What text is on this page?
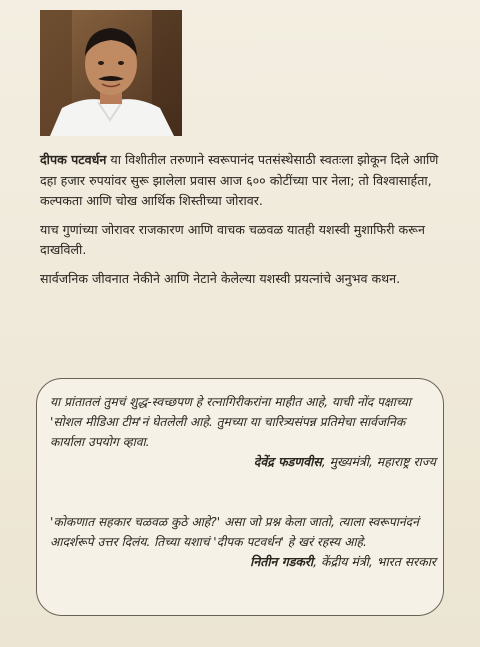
दीपक पटवर्धन या विशीतील तरुणाने स्वरूपानंद पतसंस्थेसाठी स्वतःला झोकून दिले आणि दहा हजार रुपयांवर सुरू झालेला प्रवास आज ६०० कोटींच्या पार नेला; तो विश्वासार्हता, कल्पकता आणि चोख आर्थिक शिस्तीच्या जोरावर.

याच गुणांच्या जोरावर राजकारण आणि वाचक चळवळ यातही यशस्वी मुशाफिरी करून दाखविली.

सार्वजनिक जीवनात नेकीने आणि नेटाने केलेल्या यशस्वी प्रयत्नांचे अनुभव कथन.

या प्रांतातलं तुमचं शुद्ध-स्वच्छपण हे रत्नागिरीकरांना माहीत आहे, याची नोंद पक्षाच्या 'सोशल मीडिआ टीम'नं घेतलेली आहे. तुमच्या या चारित्र्यसंपन्न प्रतिमेचा सार्वजनिक कार्याला उपयोग व्हावा.
देवेंद्र फडणवीस, मुख्यमंत्री, महाराष्ट्र राज्य
'कोकणात सहकार चळवळ कुठे आहे?' असा जो प्रश्न केला जातो, त्याला स्वरूपानंदनं आदर्शरूपे उत्तर दिलंय. तिच्या यशाचं 'दीपक पटवर्धन' हे खरं रहस्य आहे.
नितीन गडकरी, केंद्रीय मंत्री, भारत सरकार
